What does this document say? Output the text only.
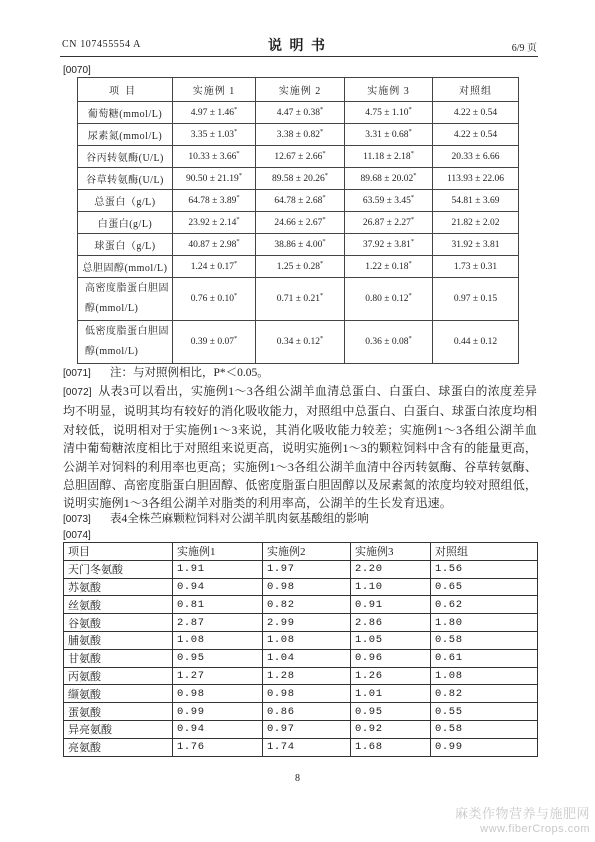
CN 107455554 A	说 明 书	6/9 页
[0070]
项目	实施例 1	实施例 2	实施例 3	对照组
葡萄糖(mmol/L)	4.97 ± 1.46*	4.47 ± 0.38*	4.75 ± 1.10*	4.22 ± 0.54
尿素氮(mmol/L)	3.35 ± 1.03*	3.38 ± 0.82*	3.31 ± 0.68*	4.22 ± 0.54
谷丙转氨酶(U/L)	10.33 ± 3.66*	12.67 ± 2.66*	11.18 ± 2.18*	20.33 ± 6.66
谷草转氨酶(U/L)	90.50 ± 21.19*	89.58 ± 20.26*	89.68 ± 20.02*	113.93 ± 22.06
总蛋白（g/L)	64.78 ± 3.89*	64.78 ± 2.68*	63.59 ± 3.45*	54.81 ± 3.69
白蛋白(g/L)	23.92 ± 2.14*	24.66 ± 2.67*	26.87 ± 2.27*	21.82 ± 2.02
球蛋白（g/L)	40.87 ± 2.98*	38.86 ± 4.00*	37.92 ± 3.81*	31.92 ± 3.81
总胆固醇(mmol/L)	1.24 ± 0.17*	1.25 ± 0.28*	1.22 ± 0.18*	1.73 ± 0.31
高密度脂蛋白胆固醇(mmol/L)	0.76 ± 0.10*	0.71 ± 0.21*	0.80 ± 0.12*	0.97 ± 0.15
低密度脂蛋白胆固醇(mmol/L)	0.39 ± 0.07*	0.34 ± 0.12*	0.36 ± 0.08*	0.44 ± 0.12
[0071] 注：与对照例相比，P*＜0.05。

[0072] 从表3可以看出，实施例1～3各组公湖羊血清总蛋白、白蛋白、球蛋白的浓度差异均不明显，说明其均有较好的消化吸收能力，对照组中总蛋白、白蛋白、球蛋白浓度均相对较低，说明相对于实施例1～3来说，其消化吸收能力较差；实施例1～3各组公湖羊血清中葡萄糖浓度相比于对照组来说更高，说明实施例1～3的颗粒饲料中含有的能量更高，公湖羊对饲料的利用率也更高；实施例1～3各组公湖羊血清中谷丙转氨酶、谷草转氨酶、总胆固醇、高密度脂蛋白胆固醇、低密度脂蛋白胆固醇以及尿素氮的浓度均较对照组低，说明实施例1～3各组公湖羊对脂类的利用率高，公湖羊的生长发育迅速。

[0073] 表4全株苎麻颗粒饲料对公湖羊肌肉氨基酸组的影响
[0074]
项目	实施例1	实施例2	实施例3	对照组
天门冬氨酸	1.91	1.97	2.20	1.56
苏氨酸	0.94	0.98	1.10	0.65
丝氨酸	0.81	0.82	0.91	0.62
谷氨酸	2.87	2.99	2.86	1.80
脯氨酸	1.08	1.08	1.05	0.58
甘氨酸	0.95	1.04	0.96	0.61
丙氨酸	1.27	1.28	1.26	1.08
缬氨酸	0.98	0.98	1.01	0.82
蛋氨酸	0.99	0.86	0.95	0.55
异亮氨酸	0.94	0.97	0.92	0.58
亮氨酸	1.76	1.74	1.68	0.99
8
麻类作物营养与施肥网
www.fiberCrops.com
